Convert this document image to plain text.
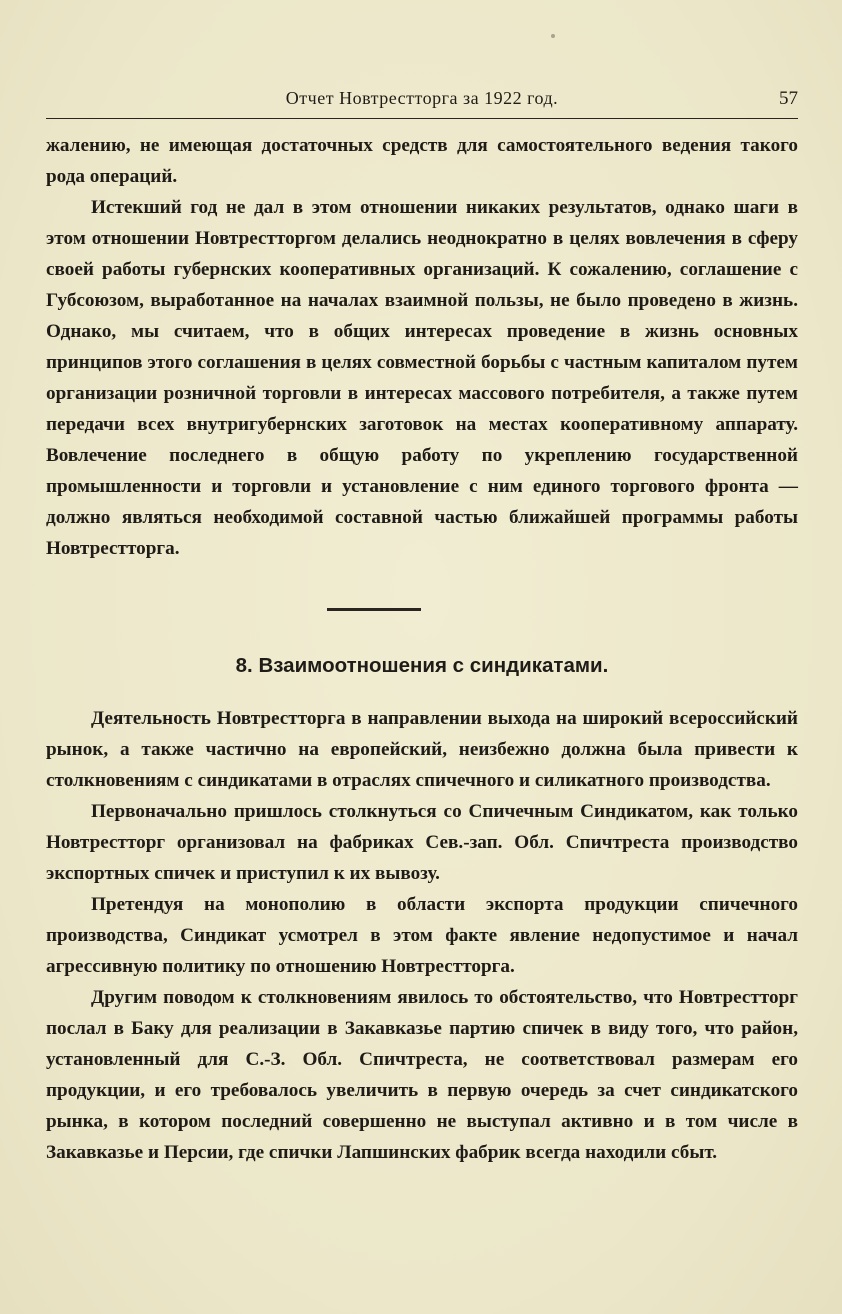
Отчет Новтрестторга за 1922 год.	57

жалению, не имеющая достаточных средств для самостоятельного ведения такого рода операций.

Истекший год не дал в этом отношении никаких результатов, однако шаги в этом отношении Новтрестторгом делались неоднократно в целях вовлечения в сферу своей работы губернских кооперативных организаций. К сожалению, соглашение с Губсоюзом, выработанное на началах взаимной пользы, не было проведено в жизнь. Однако, мы считаем, что в общих интересах проведение в жизнь основных принципов этого соглашения в целях совместной борьбы с частным капиталом путем организации розничной торговли в интересах массового потребителя, а также путем передачи всех внутригубернских заготовок на местах кооперативному аппарату. Вовлечение последнего в общую работу по укреплению государственной промышленности и торговли и установление с ним единого торгового фронта — должно являться необходимой составной частью ближайшей программы работы Новтрестторга.

8. Взаимоотношения с синдикатами.

Деятельность Новтрестторга в направлении выхода на широкий всероссийский рынок, а также частично на европейский, неизбежно должна была привести к столкновениям с синдикатами в отраслях спичечного и силикатного производства.

Первоначально пришлось столкнуться со Спичечным Синдикатом, как только Новтрестторг организовал на фабриках Сев.-зап. Обл. Спичтреста производство экспортных спичек и приступил к их вывозу.

Претендуя на монополию в области экспорта продукции спичечного производства, Синдикат усмотрел в этом факте явление недопустимое и начал агрессивную политику по отношению Новтрестторга.

Другим поводом к столкновениям явилось то обстоятельство, что Новтрестторг послал в Баку для реализации в Закавказье партию спичек в виду того, что район, установленный для С.-З. Обл. Спичтреста, не соответствовал размерам его продукции, и его требовалось увеличить в первую очередь за счет синдикатского рынка, в котором последний совершенно не выступал активно и в том числе в Закавказье и Персии, где спички Лапшинских фабрик всегда находили сбыт.
